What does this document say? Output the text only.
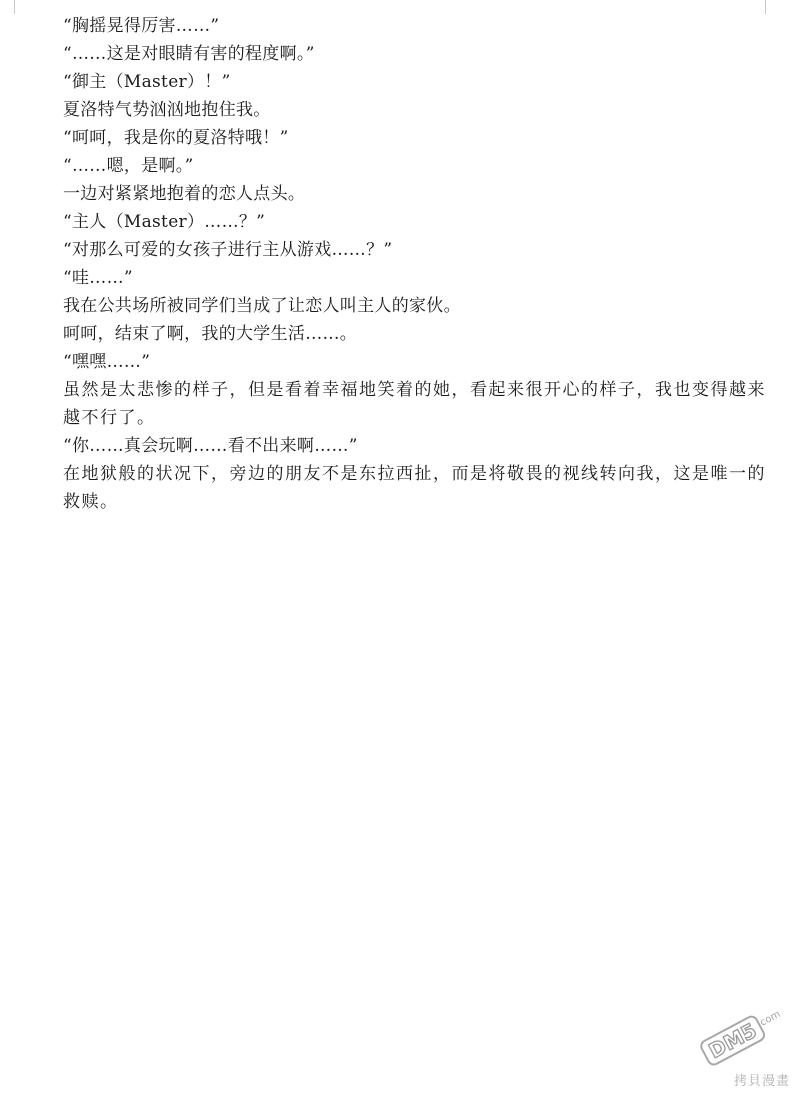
“胸摇晃得厉害……”
“……这是对眼睛有害的程度啊。”
“御主（Master）！”
夏洛特气势汹汹地抱住我。
“呵呵，我是你的夏洛特哦！”
“……嗯，是啊。”
一边对紧紧地抱着的恋人点头。
“主人（Master）……？”
“对那么可爱的女孩子进行主从游戏……？”
“哇……”
我在公共场所被同学们当成了让恋人叫主人的家伙。
呵呵，结束了啊，我的大学生活……。
“嘿嘿……”
虽然是太悲惨的样子，但是看着幸福地笑着的她，看起来很开心的样子，我也变得越来越不行了。
“你……真会玩啊……看不出来啊……”
在地狱般的状况下，旁边的朋友不是东拉西扯，而是将敬畏的视线转向我，这是唯一的救赎。
DM5
.com
拷貝漫畫
